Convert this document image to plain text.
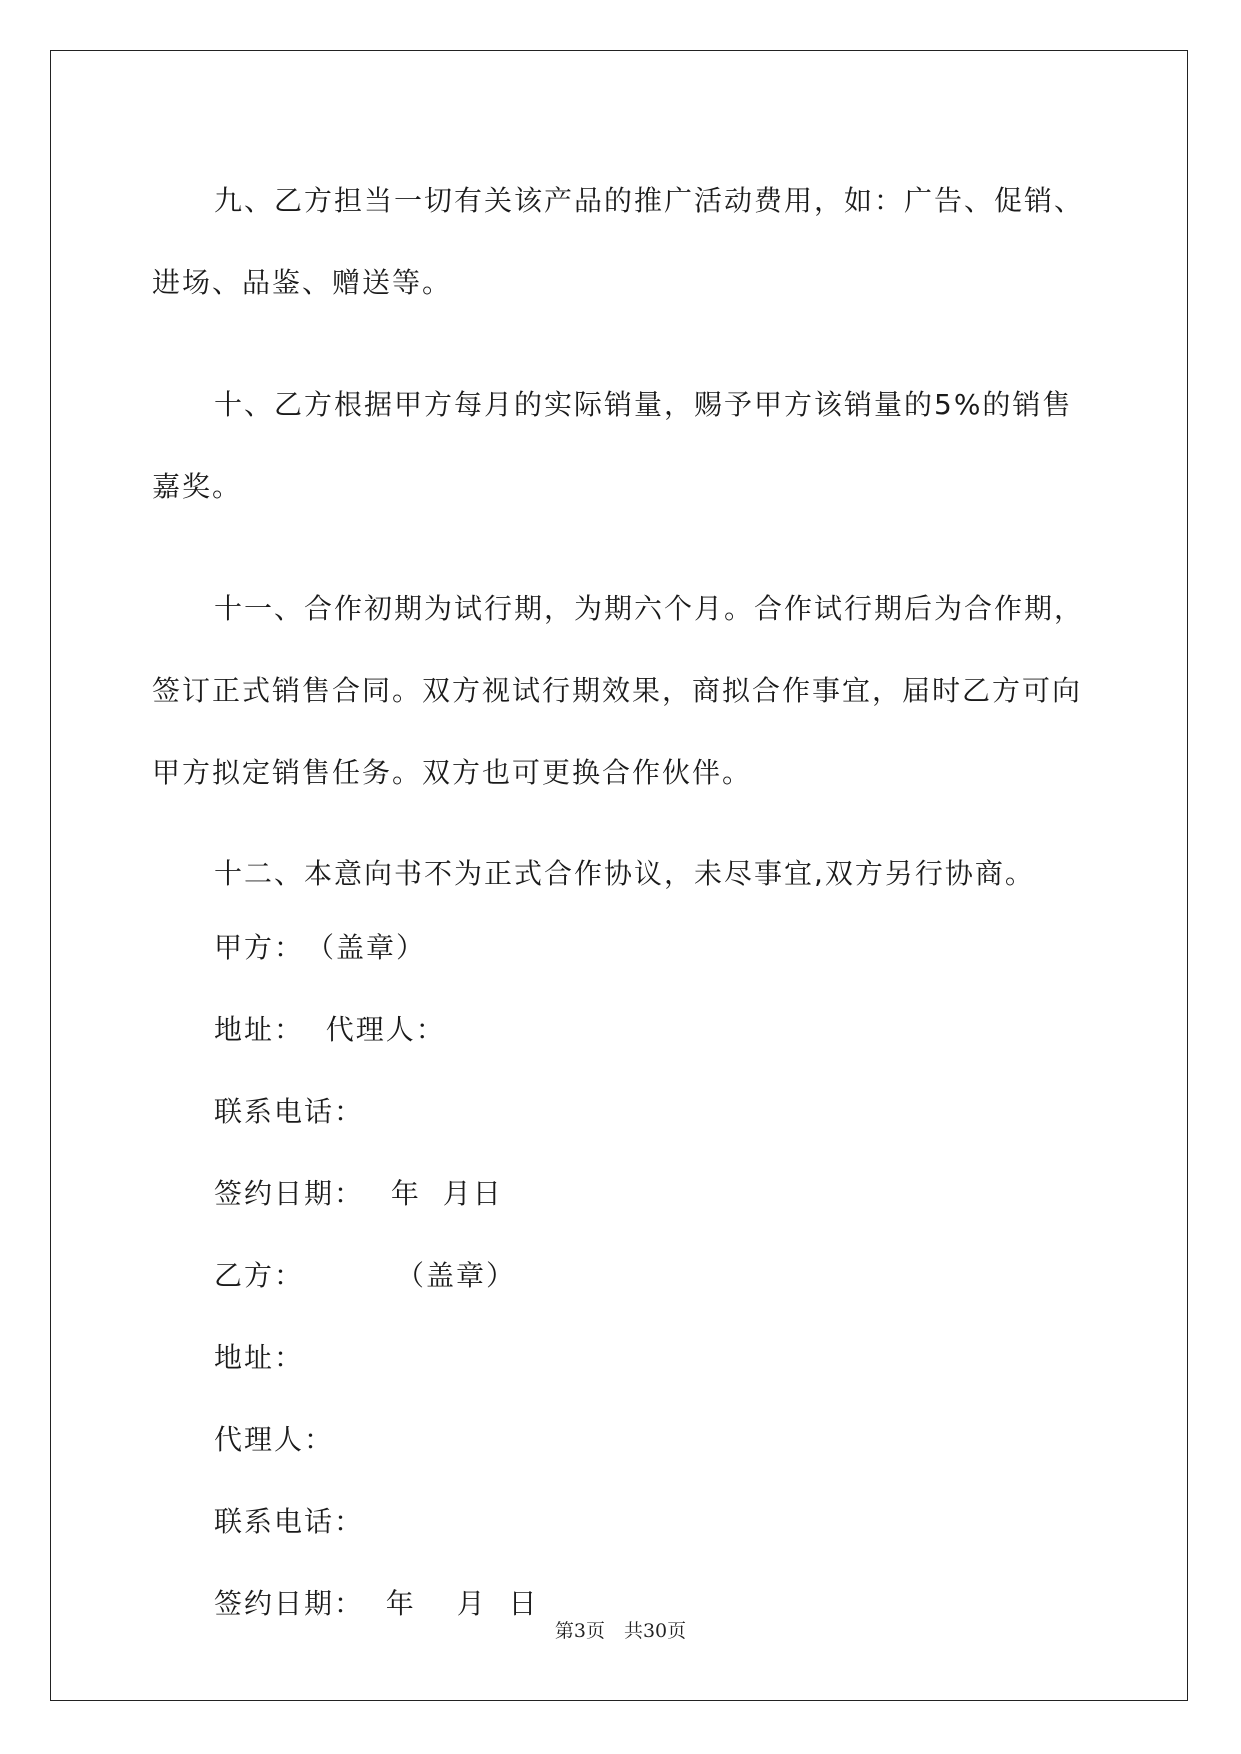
九、乙方担当一切有关该产品的推广活动费用，如：广告、促销、进场、品鉴、赠送等。

十、乙方根据甲方每月的实际销量，赐予甲方该销量的5%的销售嘉奖。

十一、合作初期为试行期，为期六个月。合作试行期后为合作期，签订正式销售合同。双方视试行期效果，商拟合作事宜，届时乙方可向甲方拟定销售任务。双方也可更换合作伙伴。

十二、本意向书不为正式合作协议，未尽事宜,双方另行协商。

甲方：　（盖章）
地址：  代理人：
联系电话：
签约日期：　 年  月日
乙方：　　　　（盖章）
地址：
代理人：
联系电话：
签约日期：  年　 月  日
第3页　共30页
